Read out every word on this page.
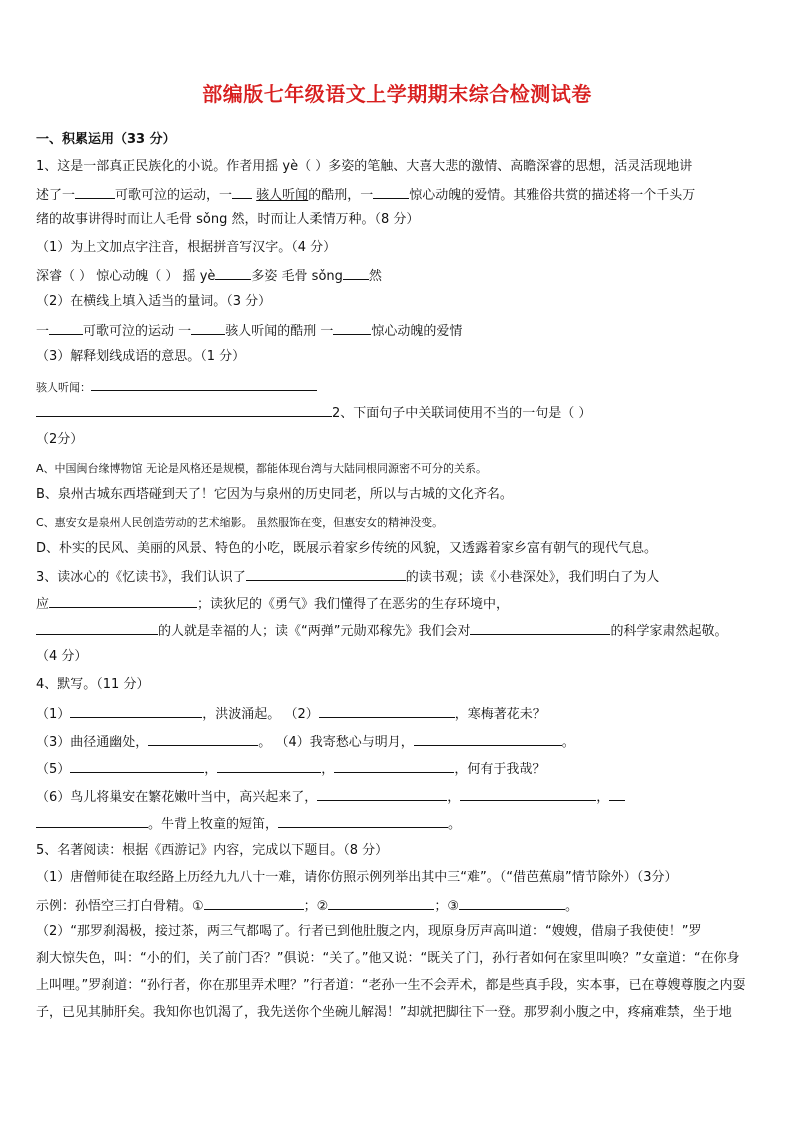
部编版七年级语文上学期期末综合检测试卷
一、积累运用（33 分）
1、这是一部真正民族化的小说。作者用摇 yè（ ）多姿的笔触、大喜大悲的激情、高瞻深睿的思想，活灵活现地讲
述了一	可歌可泣的运动，一 骇人听闻的酷刑，一	惊心动魄的爱情。其雅俗共赏的描述将一个千头万
绪的故事讲得时而让人毛骨 sǒng 然，时而让人柔情万种。（8 分）
（1）为上文加点字注音，根据拼音写汉字。（4 分）
深睿（ ） 惊心动魄（ ） 摇 yè	多姿 毛骨 sǒng 然
（2）在横线上填入适当的量词。（3 分）
一	可歌可泣的运动 一	骇人听闻的酷刑 一	惊心动魄的爱情
（3）解释划线成语的意思。（1 分）
骇人听闻：
2、下面句子中关联词使用不当的一句是（ ）
（2分）
A、中国闽台缘博物馆 无论是风格还是规模，都能体现台湾与大陆同根同源密不可分的关系。
B、泉州古城东西塔碰到天了！它因为与泉州的历史同老，所以与古城的文化齐名。
C、惠安女是泉州人民创造劳动的艺术缩影。 虽然服饰在变，但惠安女的精神没变。
D、朴实的民风、美丽的风景、特色的小吃，既展示着家乡传统的风貌，又透露着家乡富有朝气的现代气息。
3、读冰心的《忆读书》，我们认识了	的读书观；读《小巷深处》，我们明白了为人
应	；读狄尼的《勇气》我们懂得了在恶劣的生存环境中，
的人就是幸福的人；读《“两弹”元勋邓稼先》我们会对	的科学家肃然起敬。
（4 分）
4、默写。（11 分）
（1）	，洪波涌起。 （2）	，寒梅著花未？
（3）曲径通幽处，	。 （4）我寄愁心与明月，	。
（5）	，	，	，何有于我哉？
（6）鸟儿将巢安在繁花嫩叶当中，高兴起来了，	，	，
。牛背上牧童的短笛，	。
5、名著阅读：根据《西游记》内容，完成以下题目。（8 分）
（1）唐僧师徒在取经路上历经九九八十一难，请你仿照示例列举出其中三“难”。（“借芭蕉扇”情节除外）（3分）
示例：孙悟空三打白骨精。①	；②	；③	。
（2）“那罗刹渴极，接过茶，两三气都喝了。行者已到他肚腹之内，现原身厉声高叫道：“嫂嫂，借扇子我使使！”罗
刹大惊失色，叫：“小的们，关了前门否？”俱说：“关了。”他又说：“既关了门，孙行者如何在家里叫唤？”女童道：“在你身
上叫哩。”罗刹道：“孙行者，你在那里弄术哩？”行者道：“老孙一生不会弄术，都是些真手段，实本事，已在尊嫂尊腹之内耍
子，已见其肺肝矣。我知你也饥渴了，我先送你个坐碗儿解渴！”却就把脚往下一登。那罗刹小腹之中，疼痛难禁，坐于地
